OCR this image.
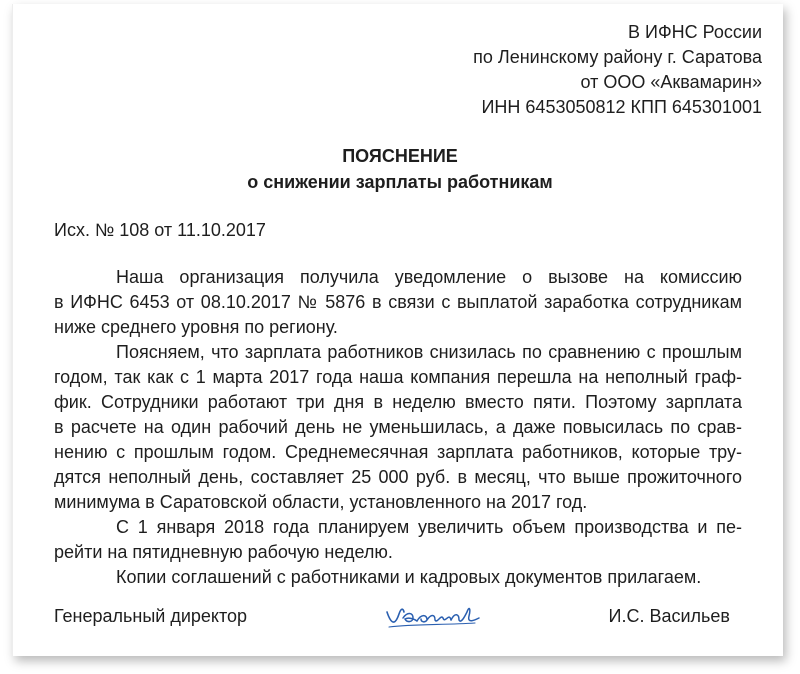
В ИФНС России
по Ленинскому району г. Саратова
от ООО «Аквамарин»
ИНН 6453050812 КПП 645301001
ПОЯСНЕНИЕ
о снижении зарплаты работникам
Исх. № 108 от 11.10.2017
Наша организация получила уведомление о вызове на комиссию
в ИФНС 6453 от 08.10.2017 № 5876 в связи с выплатой заработка сотрудникам
ниже среднего уровня по региону.
Поясняем, что зарплата работников снизилась по сравнению с прошлым
годом, так как с 1 марта 2017 года наша компания перешла на неполный граф-
фик. Сотрудники работают три дня в неделю вместо пяти. Поэтому зарплата
в расчете на один рабочий день не уменьшилась, а даже повысилась по срав-
нению с прошлым годом. Среднемесячная зарплата работников, которые тру-
дятся неполный день, составляет 25 000 руб. в месяц, что выше прожиточного
минимума в Саратовской области, установленного на 2017 год.
С 1 января 2018 года планируем увеличить объем производства и пе-
рейти на пятидневную рабочую неделю.
Копии соглашений с работниками и кадровых документов прилагаем.
Генеральный директор	И.С. Васильев
